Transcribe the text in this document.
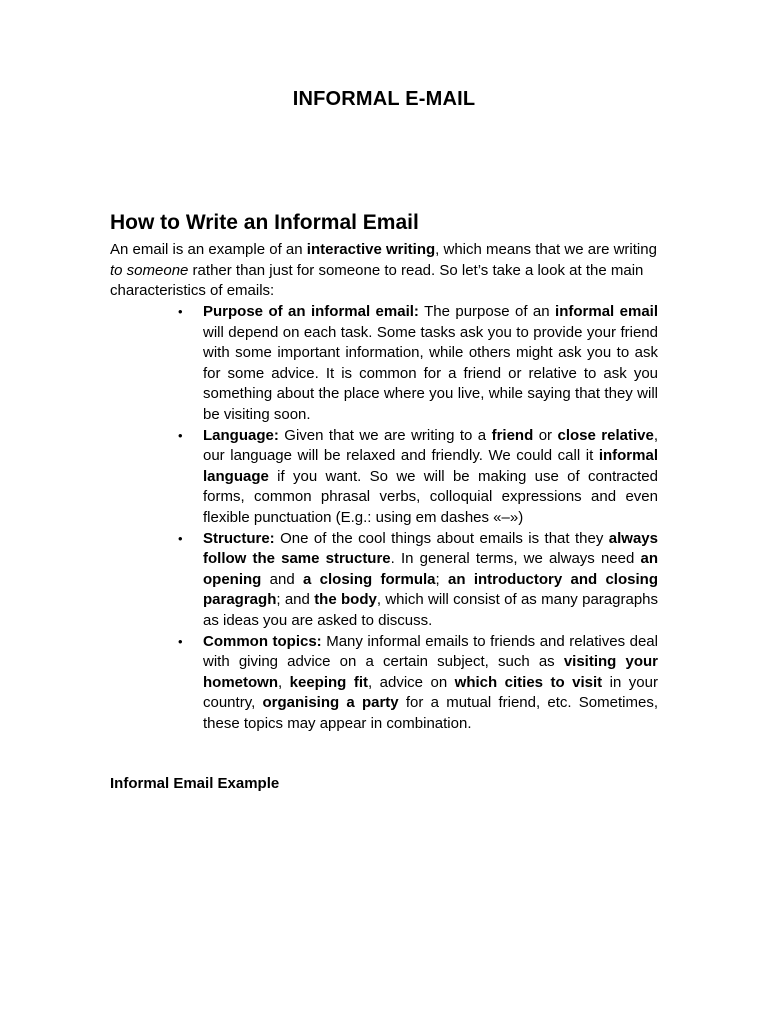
INFORMAL E-MAIL
How to Write an Informal Email

An email is an example of an interactive writing, which means that we are writing to someone rather than just for someone to read. So let’s take a look at the main characteristics of emails:

• Purpose of an informal email: The purpose of an informal email will depend on each task. Some tasks ask you to provide your friend with some important information, while others might ask you to ask for some advice. It is common for a friend or relative to ask you something about the place where you live, while saying that they will be visiting soon.
• Language: Given that we are writing to a friend or close relative, our language will be relaxed and friendly. We could call it informal language if you want. So we will be making use of contracted forms, common phrasal verbs, colloquial expressions and even flexible punctuation (E.g.: using em dashes «–»)
• Structure: One of the cool things about emails is that they always follow the same structure. In general terms, we always need an opening and a closing formula; an introductory and closing paragragh; and the body, which will consist of as many paragraphs as ideas you are asked to discuss.
• Common topics: Many informal emails to friends and relatives deal with giving advice on a certain subject, such as visiting your hometown, keeping fit, advice on which cities to visit in your country, organising a party for a mutual friend, etc. Sometimes, these topics may appear in combination.
Informal Email Example
